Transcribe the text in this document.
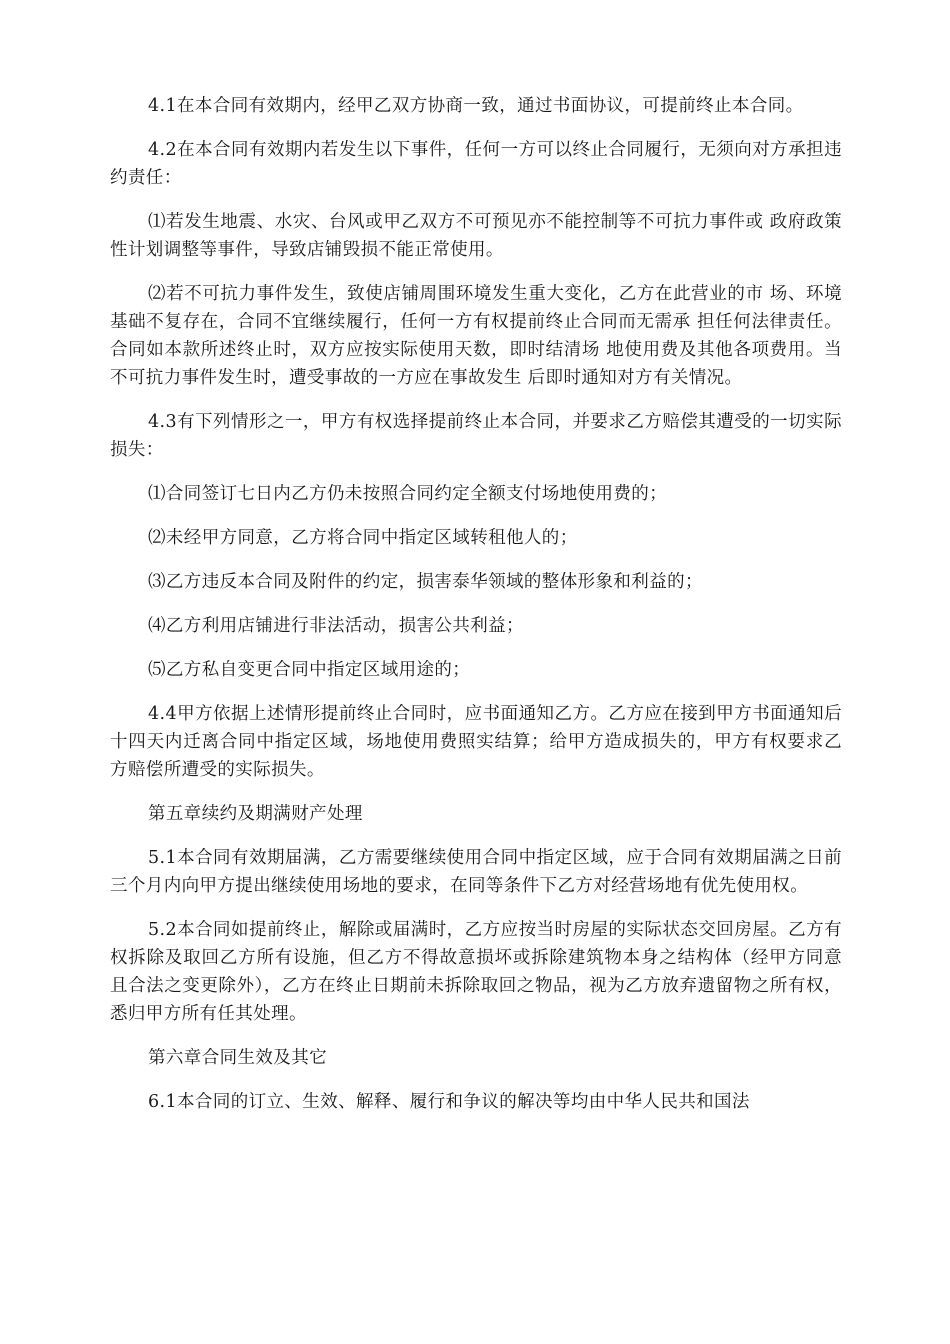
4.1在本合同有效期内，经甲乙双方协商一致，通过书面协议，可提前终止本合同。

4.2在本合同有效期内若发生以下事件，任何一方可以终止合同履行，无须向对方承担违约责任：

⑴若发生地震、水灾、台风或甲乙双方不可预见亦不能控制等不可抗力事件或 政府政策性计划调整等事件，导致店铺毁损不能正常使用。

⑵若不可抗力事件发生，致使店铺周围环境发生重大变化，乙方在此营业的市 场、环境基础不复存在，合同不宜继续履行，任何一方有权提前终止合同而无需承 担任何法律责任。合同如本款所述终止时，双方应按实际使用天数，即时结清场 地使用费及其他各项费用。当不可抗力事件发生时，遭受事故的一方应在事故发生 后即时通知对方有关情况。

4.3有下列情形之一，甲方有权选择提前终止本合同，并要求乙方赔偿其遭受的一切实际损失：

⑴合同签订七日内乙方仍未按照合同约定全额支付场地使用费的；

⑵未经甲方同意，乙方将合同中指定区域转租他人的；

⑶乙方违反本合同及附件的约定，损害泰华领域的整体形象和利益的；

⑷乙方利用店铺进行非法活动，损害公共利益；

⑸乙方私自变更合同中指定区域用途的；

4.4甲方依据上述情形提前终止合同时，应书面通知乙方。乙方应在接到甲方书面通知后十四天内迁离合同中指定区域，场地使用费照实结算；给甲方造成损失的，甲方有权要求乙方赔偿所遭受的实际损失。

第五章续约及期满财产处理

5.1本合同有效期届满，乙方需要继续使用合同中指定区域，应于合同有效期届满之日前三个月内向甲方提出继续使用场地的要求，在同等条件下乙方对经营场地有优先使用权。

5.2本合同如提前终止，解除或届满时，乙方应按当时房屋的实际状态交回房屋。乙方有权拆除及取回乙方所有设施，但乙方不得故意损坏或拆除建筑物本身之结构体（经甲方同意且合法之变更除外），乙方在终止日期前未拆除取回之物品，视为乙方放弃遗留物之所有权，悉归甲方所有任其处理。

第六章合同生效及其它

6.1本合同的订立、生效、解释、履行和争议的解决等均由中华人民共和国法
